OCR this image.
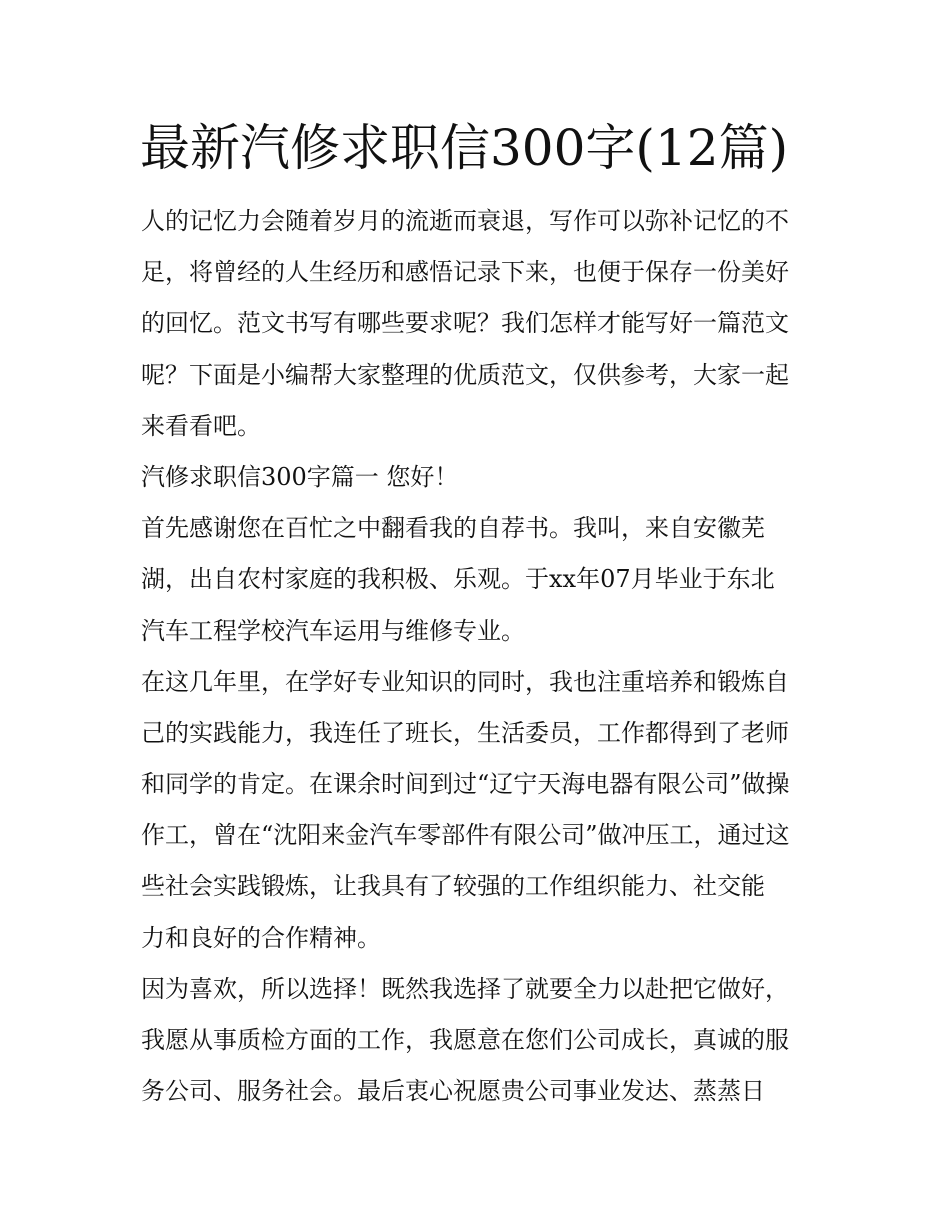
最新汽修求职信300字(12篇)

人的记忆力会随着岁月的流逝而衰退，写作可以弥补记忆的不
足，将曾经的人生经历和感悟记录下来，也便于保存一份美好
的回忆。范文书写有哪些要求呢？我们怎样才能写好一篇范文
呢？下面是小编帮大家整理的优质范文，仅供参考，大家一起
来看看吧。

汽修求职信300字篇一 您好！

首先感谢您在百忙之中翻看我的自荐书。我叫，来自安徽芜
湖，出自农村家庭的我积极、乐观。于xx年07月毕业于东北
汽车工程学校汽车运用与维修专业。

在这几年里，在学好专业知识的同时，我也注重培养和锻炼自
己的实践能力，我连任了班长，生活委员，工作都得到了老师
和同学的肯定。在课余时间到过“辽宁天海电器有限公司”做操
作工，曾在“沈阳来金汽车零部件有限公司”做冲压工，通过这
些社会实践锻炼，让我具有了较强的工作组织能力、社交能
力和良好的合作精神。

因为喜欢，所以选择！既然我选择了就要全力以赴把它做好，
我愿从事质检方面的工作，我愿意在您们公司成长，真诚的服
务公司、服务社会。最后衷心祝愿贵公司事业发达、蒸蒸日
